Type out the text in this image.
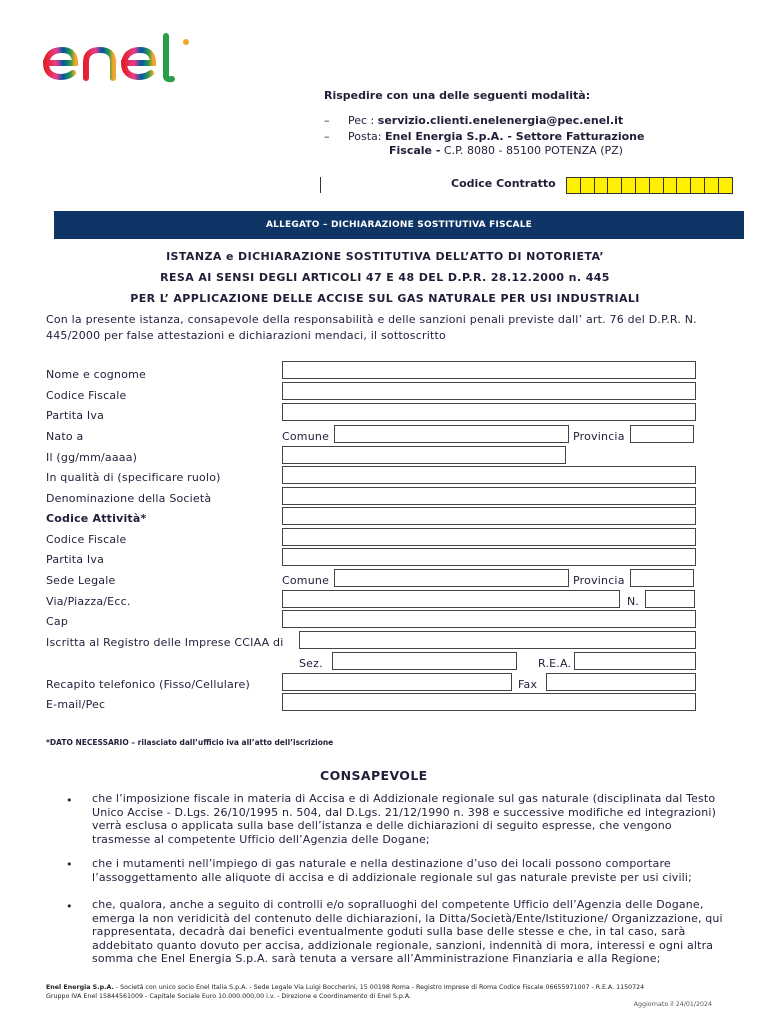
Rispedire con una delle seguenti modalità:
– Pec : servizio.clienti.enelenergia@pec.enel.it
– Posta: Enel Energia S.p.A. - Settore Fatturazione
Fiscale - C.P. 8080 - 85100 POTENZA (PZ)
Codice Contratto
ALLEGATO – DICHIARAZIONE SOSTITUTIVA FISCALE
ISTANZA e DICHIARAZIONE SOSTITUTIVA DELL’ATTO DI NOTORIETA’
RESA AI SENSI DEGLI ARTICOLI 47 E 48 DEL D.P.R. 28.12.2000 n. 445
PER L’ APPLICAZIONE DELLE ACCISE SUL GAS NATURALE PER USI INDUSTRIALI
Con la presente istanza, consapevole della responsabilità e delle sanzioni penali previste dall’ art. 76 del D.P.R. N. 445/2000 per false attestazioni e dichiarazioni mendaci, il sottoscritto
Nome e cognome
Codice Fiscale
Partita Iva
Nato a	Comune	Provincia
Il (gg/mm/aaaa)
In qualità di (specificare ruolo)
Denominazione della Società
Codice Attività*
Codice Fiscale
Partita Iva
Sede Legale	Comune	Provincia
Via/Piazza/Ecc.	N.
Cap
Iscritta al Registro delle Imprese CCIAA di
Sez.	R.E.A.
Recapito telefonico (Fisso/Cellulare)	Fax
E-mail/Pec
*DATO NECESSARIO – rilasciato dall’ufficio iva all’atto dell’iscrizione
CONSAPEVOLE
• che l’imposizione fiscale in materia di Accisa e di Addizionale regionale sul gas naturale (disciplinata dal Testo Unico Accise - D.Lgs. 26/10/1995 n. 504, dal D.Lgs. 21/12/1990 n. 398 e successive modifiche ed integrazioni) verrà esclusa o applicata sulla base dell’istanza e delle dichiarazioni di seguito espresse, che vengono trasmesse al competente Ufficio dell’Agenzia delle Dogane;
• che i mutamenti nell’impiego di gas naturale e nella destinazione d’uso dei locali possono comportare l’assoggettamento alle aliquote di accisa e di addizionale regionale sul gas naturale previste per usi civili;
• che, qualora, anche a seguito di controlli e/o sopralluoghi del competente Ufficio dell’Agenzia delle Dogane, emerga la non veridicità del contenuto delle dichiarazioni, la Ditta/Società/Ente/Istituzione/ Organizzazione, qui rappresentata, decadrà dai benefici eventualmente goduti sulla base delle stesse e che, in tal caso, sarà addebitato quanto dovuto per accisa, addizionale regionale, sanzioni, indennità di mora, interessi e ogni altra somma che Enel Energia S.p.A. sarà tenuta a versare all’Amministrazione Finanziaria e alla Regione;
Enel Energia S.p.A. - Società con unico socio Enel Italia S.p.A. - Sede Legale Via Luigi Boccherini, 15 00198 Roma - Registro Imprese di Roma Codice Fiscale 06655971007 - R.E.A. 1150724
Gruppo IVA Enel 15844561009 - Capitale Sociale Euro 10.000.000,00 i.v. - Direzione e Coordinamento di Enel S.p.A.
Aggiornato il 24/01/2024
